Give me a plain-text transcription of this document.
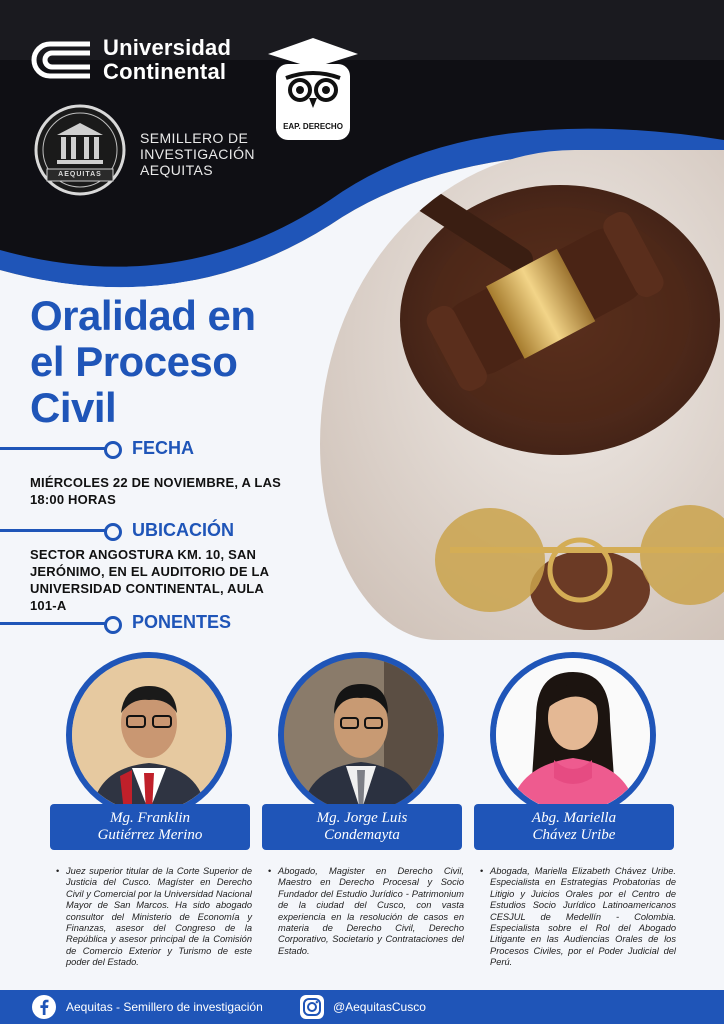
Universidad
Continental
EAP. DERECHO
AEQUITAS
SEMILLERO DE
INVESTIGACIÓN
AEQUITAS
Oralidad en
el Proceso
Civil
FECHA
MIÉRCOLES 22 DE NOVIEMBRE, A LAS
18:00 HORAS
UBICACIÓN
SECTOR ANGOSTURA KM. 10, SAN
JERÓNIMO, EN EL AUDITORIO DE LA
UNIVERSIDAD CONTINENTAL, AULA
101-A
PONENTES
Mg. Franklin
Gutiérrez Merino
• Juez superior titular de la Corte Superior de Justicia del Cusco. Magíster en Derecho Civil y Comercial por la Universidad Nacional Mayor de San Marcos. Ha sido abogado consultor del Ministerio de Economía y Finanzas, asesor del Congreso de la República y asesor principal de la Comisión de Comercio Exterior y Turismo de este poder del Estado.
Mg. Jorge Luis
Condemayta
• Abogado, Magister en Derecho Civil, Maestro en Derecho Procesal y Socio Fundador del Estudio Jurídico - Patrimonium de la ciudad del Cusco, con vasta experiencia en la resolución de casos en materia de Derecho Civil, Derecho Corporativo, Societario y Contrataciones del Estado.
Abg. Mariella
Chávez Uribe
• Abogada, Mariella Elizabeth Chávez Uribe. Especialista en Estrategias Probatorias de Litigio y Juicios Orales por el Centro de Estudios Socio Jurídico Latinoamericanos CESJUL de Medellín - Colombia. Especialista sobre el Rol del Abogado Litigante en las Audiencias Orales de los Procesos Civiles, por el Poder Judicial del Perú.
Aequitas - Semillero de investigación	@AequitasCusco
